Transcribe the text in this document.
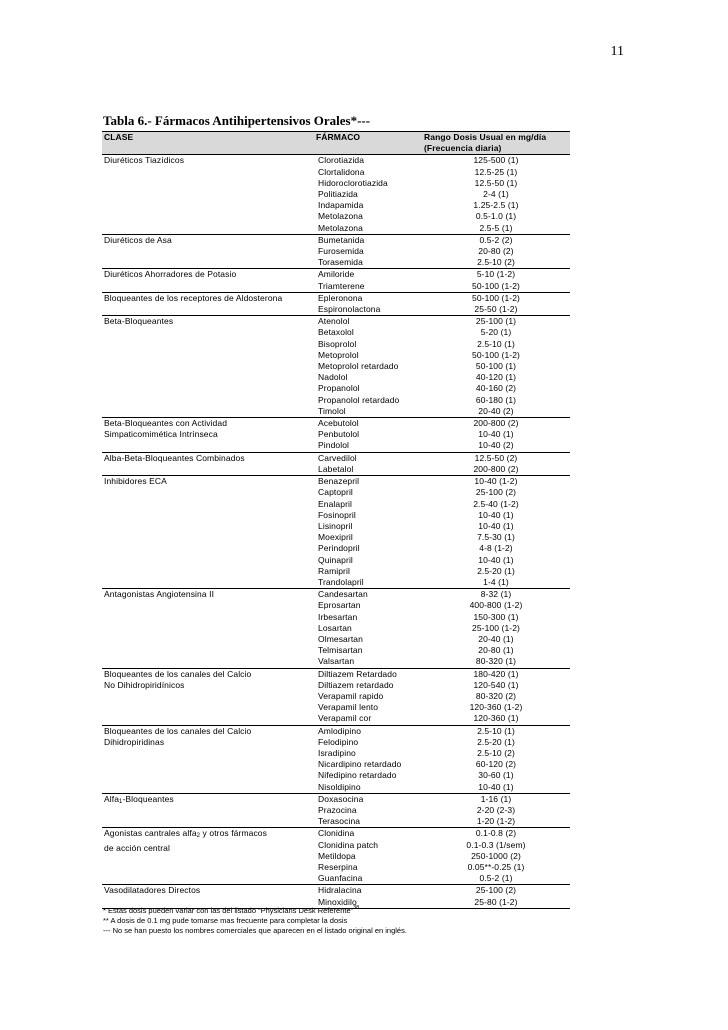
11
Tabla 6.- Fármacos Antihipertensivos Orales*---
CLASE	FÁRMACO	Rango Dosis Usual en mg/día
(Frecuencia diaria)
Diuréticos Tiazídicos	Clorotiazida	125-500 (1)
	Clortalidona	12.5-25 (1)
	Hidoroclorotiazida	12.5-50 (1)
	Politiazida	2-4 (1)
	Indapamida	1.25-2.5 (1)
	Metolazona	0.5-1.0 (1)
	Metolazona	2.5-5 (1)
Diuréticos de Asa	Bumetanida	0.5-2 (2)
	Furosemida	20-80 (2)
	Torasemida	2.5-10 (2)
Diuréticos Ahorradores de Potasio	Amiloride	5-10 (1-2)
	Triamterene	50-100 (1-2)
Bloqueantes de los receptores de Aldosterona	Epleronona	50-100 (1-2)
	Espironolactona	25-50 (1-2)
Beta-Bloqueantes	Atenolol	25-100 (1)
	Betaxolol	5-20 (1)
	Bisoprolol	2.5-10 (1)
	Metoprolol	50-100 (1-2)
	Metoprolol retardado	50-100 (1)
	Nadolol	40-120 (1)
	Propanolol	40-160 (2)
	Propanolol retardado	60-180 (1)
	Timolol	20-40 (2)
Beta-Bloqueantes con Actividad
Simpaticomimética Intrínseca	Acebutolol	200-800 (2)
	Penbutolol	10-40 (1)
	Pindolol	10-40 (2)
Alba-Beta-Bloqueantes Combinados	Carvedilol	12.5-50 (2)
	Labetalol	200-800 (2)
Inhibidores ECA	Benazepril	10-40 (1-2)
	Captopril	25-100 (2)
	Enalapril	2.5-40 (1-2)
	Fosinopril	10-40 (1)
	Lisinopril	10-40 (1)
	Moexipril	7.5-30 (1)
	Perindopril	4-8 (1-2)
	Quinapril	10-40 (1)
	Ramipril	2.5-20 (1)
	Trandolapril	1-4 (1)
Antagonistas Angiotensina II	Candesartan	8-32 (1)
	Eprosartan	400-800 (1-2)
	Irbesartan	150-300 (1)
	Losartan	25-100 (1-2)
	Olmesartan	20-40 (1)
	Telmisartan	20-80 (1)
	Valsartan	80-320 (1)
Bloqueantes de los canales del Calcio
No Dihidropiridínicos	Diltiazem Retardado	180-420 (1)
	Diltiazem retardado	120-540 (1)
	Verapamil rapido	80-320 (2)
	Verapamil lento	120-360 (1-2)
	Verapamil cor	120-360 (1)
Bloqueantes de los canales del Calcio
Dihidropiridinas	Amlodipino	2.5-10 (1)
	Felodipino	2.5-20 (1)
	Isradipino	2.5-10 (2)
	Nicardipino retardado	60-120 (2)
	Nifedipino retardado	30-60 (1)
	Nisoldipino	10-40 (1)
Alfa1-Bloqueantes	Doxasocina	1-16 (1)
	Prazocina	2-20 (2-3)
	Terasocina	1-20 (1-2)
Agonistas cantrales alfa2 y otros fármacos
de acción central	Clonidina	0.1-0.8 (2)
	Clonidina patch	0.1-0.3 (1/sem)
	Metildopa	250-1000 (2)
	Reserpina	0.05**-0.25 (1)
	Guanfacina	0.5-2 (1)
Vasodilatadores Directos	Hidralacina	25-100 (2)
	Minoxidilo	25-80 (1-2)
* Estas dosis pueden variar con las del listado “Physicians Desk Referente”$^{38}$
** A dosis de 0.1 mg pude tomarse mas frecuente para completar la dosis
--- No se han puesto los nombres comerciales que aparecen en el listado original en inglés.
